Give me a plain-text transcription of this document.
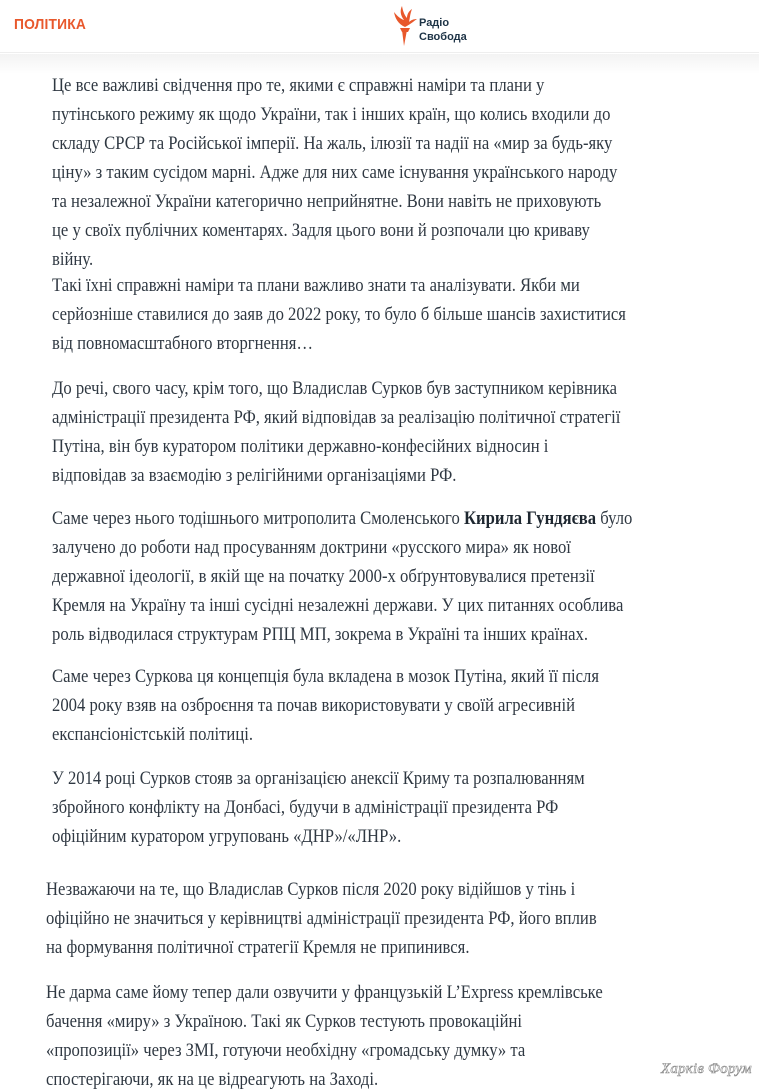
ПОЛІТИКА	Радіо
Свобода
Це все важливі свідчення про те, якими є справжні наміри та плани у
путінського режиму як щодо України, так і інших країн, що колись входили до
складу СРСР та Російської імперії. На жаль, ілюзії та надії на «мир за будь-яку
ціну» з таким сусідом марні. Адже для них саме існування українського народу
та незалежної України категорично неприйнятне. Вони навіть не приховують
це у своїх публічних коментарях. Задля цього вони й розпочали цю криваву
війну.
Такі їхні справжні наміри та плани важливо знати та аналізувати. Якби ми
серйозніше ставилися до заяв до 2022 року, то було б більше шансів захиститися
від повномасштабного вторгнення…
До речі, свого часу, крім того, що Владислав Сурков був заступником керівника
адміністрації президента РФ, який відповідав за реалізацію політичної стратегії
Путіна, він був куратором політики державно-конфесійних відносин і
відповідав за взаємодію з релігійними організаціями РФ.
Саме через нього тодішнього митрополита Смоленського Кирила Гундяєва було
залучено до роботи над просуванням доктрини «русского мира» як нової
державної ідеології, в якій ще на початку 2000-х обґрунтовувалися претензії
Кремля на Україну та інші сусідні незалежні держави. У цих питаннях особлива
роль відводилася структурам РПЦ МП, зокрема в Україні та інших країнах.
Саме через Суркова ця концепція була вкладена в мозок Путіна, який її після
2004 року взяв на озброєння та почав використовувати у своїй агресивній
експансіоністській політиці.
У 2014 році Сурков стояв за організацією анексії Криму та розпалюванням
збройного конфлікту на Донбасі, будучи в адміністрації президента РФ
офіційним куратором угруповань «ДНР»/«ЛНР».
Незважаючи на те, що Владислав Сурков після 2020 року відійшов у тінь і
офіційно не значиться у керівництві адміністрації президента РФ, його вплив
на формування політичної стратегії Кремля не припинився.
Не дарма саме йому тепер дали озвучити у французькій L’Express кремлівське
бачення «миру» з Україною. Такі як Сурков тестують провокаційні
«пропозиції» через ЗМІ, готуючи необхідну «громадську думку» та
спостерігаючи, як на це відреагують на Заході.
Харків Форум
